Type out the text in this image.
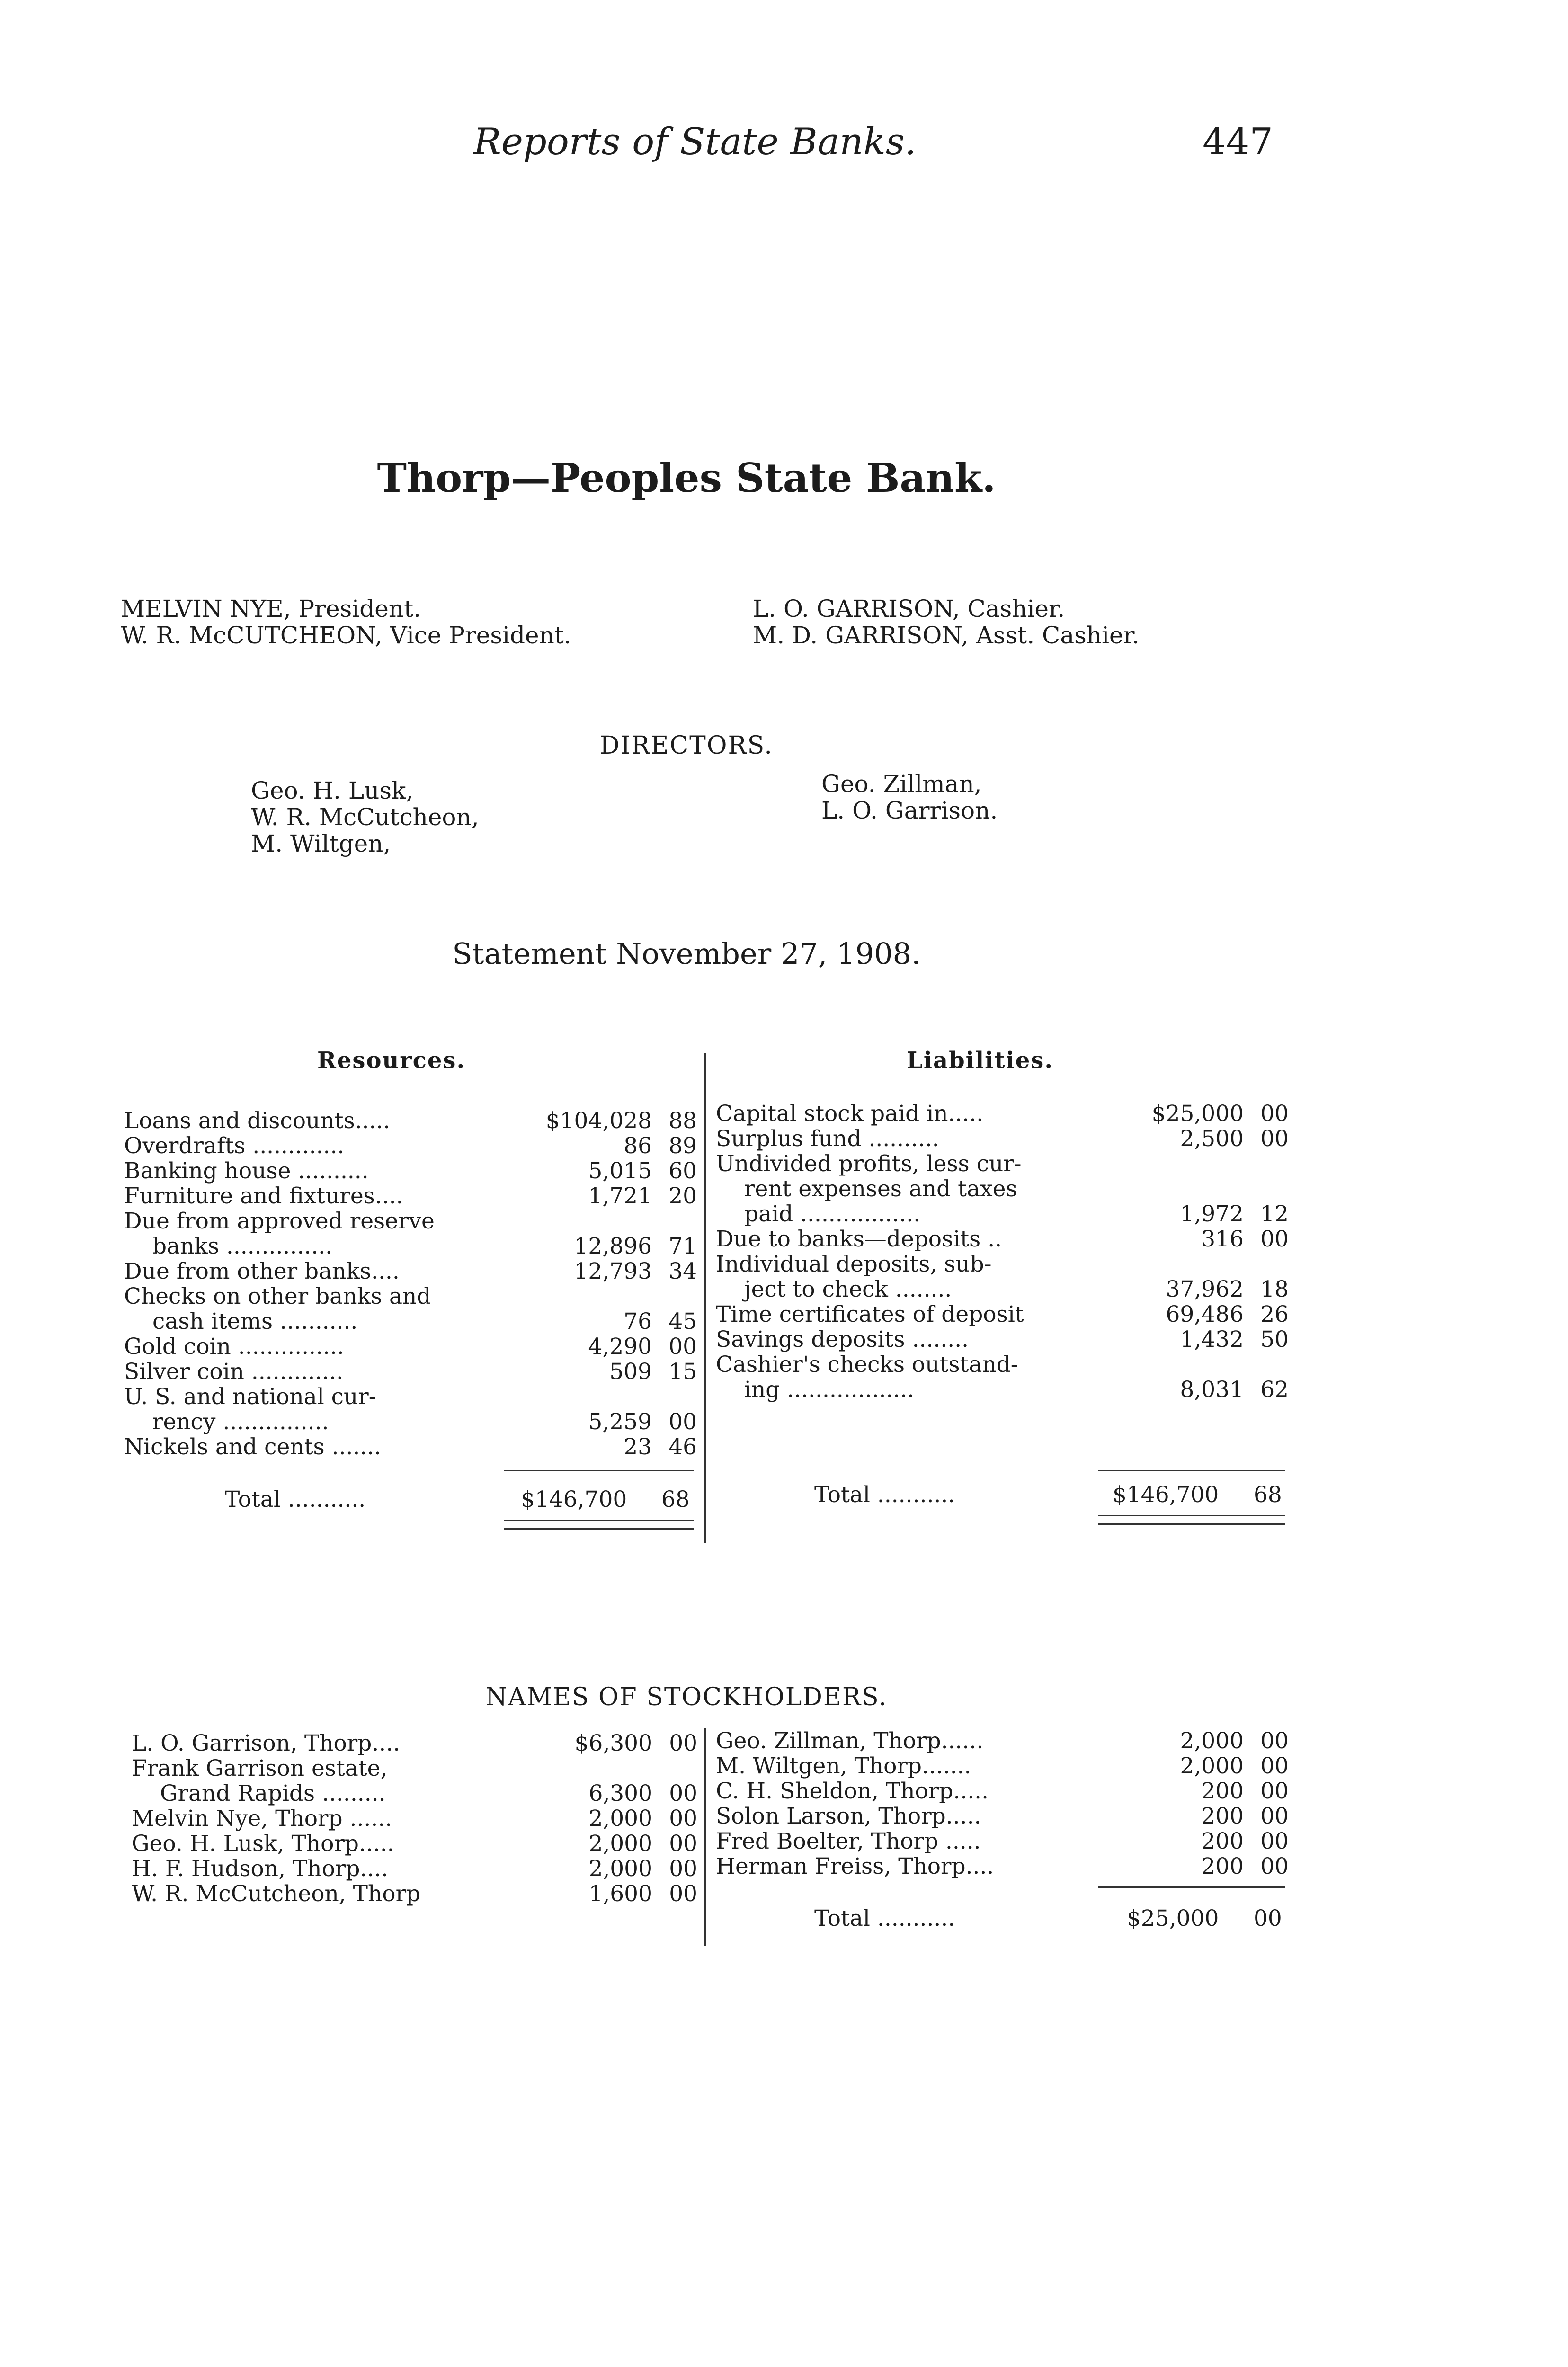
Reports of State Banks.	447
Thorp—Peoples State Bank.
MELVIN NYE, President.
W. R. McCUTCHEON, Vice President.
L. O. GARRISON, Cashier.
M. D. GARRISON, Asst. Cashier.
DIRECTORS.
Geo. H. Lusk,
W. R. McCutcheon,
M. Wiltgen,
Geo. Zillman,
L. O. Garrison.
Statement November 27, 1908.
Resources.	Liabilities.
Loans and discounts.....	$104,028 88
Overdrafts .............	86 89
Banking house ..........	5,015 60
Furniture and fixtures....	1,721 20
Due from approved reserve
banks ...............	12,896 71
Due from other banks....	12,793 34
Checks on other banks and
cash items ...........	76 45
Gold coin ...............	4,290 00
Silver coin .............	509 15
U. S. and national cur-
rency ...............	5,259 00
Nickels and cents .......	23 46
Capital stock paid in.....	$25,000 00
Surplus fund ..........	2,500 00
Undivided profits, less cur-
rent expenses and taxes
paid .................	1,972 12
Due to banks—deposits ..	316 00
Individual deposits, sub-
ject to check ........	37,962 18
Time certificates of deposit	69,486 26
Savings deposits ........	1,432 50
Cashier's checks outstand-
ing ..................	8,031 62
Total ...........	$146,700 68	Total ...........	$146,700 68
NAMES OF STOCKHOLDERS.
L. O. Garrison, Thorp....	$6,300 00
Frank Garrison estate,
Grand Rapids .........	6,300 00
Melvin Nye, Thorp ......	2,000 00
Geo. H. Lusk, Thorp.....	2,000 00
H. F. Hudson, Thorp....	2,000 00
W. R. McCutcheon, Thorp	1,600 00
Geo. Zillman, Thorp......	2,000 00
M. Wiltgen, Thorp.......	2,000 00
C. H. Sheldon, Thorp.....	200 00
Solon Larson, Thorp.....	200 00
Fred Boelter, Thorp .....	200 00
Herman Freiss, Thorp....	200 00
Total ...........	$25,000 00
